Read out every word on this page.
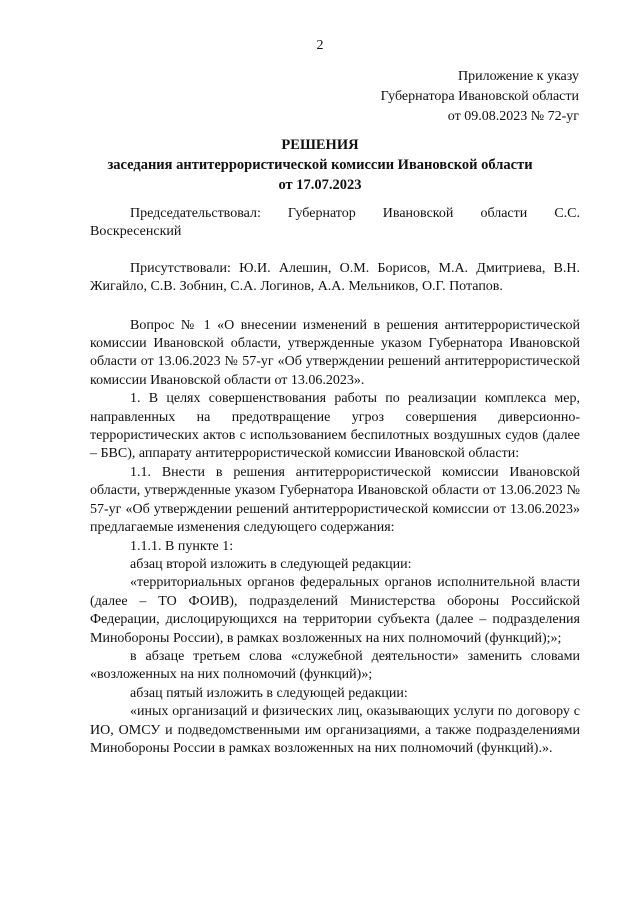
2
Приложение к указу
Губернатора Ивановской области
от 09.08.2023 № 72-уг
РЕШЕНИЯ
заседания антитеррористической комиссии Ивановской области
от 17.07.2023

Председательствовал: Губернатор Ивановской области С.С. Воскресенский

Присутствовали: Ю.И. Алешин, О.М. Борисов, М.А. Дмитриева, В.Н. Жигайло, С.В. Зобнин, С.А. Логинов, А.А. Мельников, О.Г. Потапов.

Вопрос № 1 «О внесении изменений в решения антитеррористической комиссии Ивановской области, утвержденные указом Губернатора Ивановской области от 13.06.2023 № 57-уг «Об утверждении решений антитеррористической комиссии Ивановской области от 13.06.2023».

1. В целях совершенствования работы по реализации комплекса мер, направленных на предотвращение угроз совершения диверсионно-террористических актов с использованием беспилотных воздушных судов (далее – БВС), аппарату антитеррористической комиссии Ивановской области:

1.1. Внести в решения антитеррористической комиссии Ивановской области, утвержденные указом Губернатора Ивановской области от 13.06.2023 № 57-уг «Об утверждении решений антитеррористической комиссии от 13.06.2023» предлагаемые изменения следующего содержания:

1.1.1. В пункте 1:

абзац второй изложить в следующей редакции:

«территориальных органов федеральных органов исполнительной власти (далее – ТО ФОИВ), подразделений Министерства обороны Российской Федерации, дислоцирующихся на территории субъекта (далее – подразделения Минобороны России), в рамках возложенных на них полномочий (функций);»;

в абзаце третьем слова «служебной деятельности» заменить словами «возложенных на них полномочий (функций)»;

абзац пятый изложить в следующей редакции:

«иных организаций и физических лиц, оказывающих услуги по договору с ИО, ОМСУ и подведомственными им организациями, а также подразделениями Минобороны России в рамках возложенных на них полномочий (функций).».
